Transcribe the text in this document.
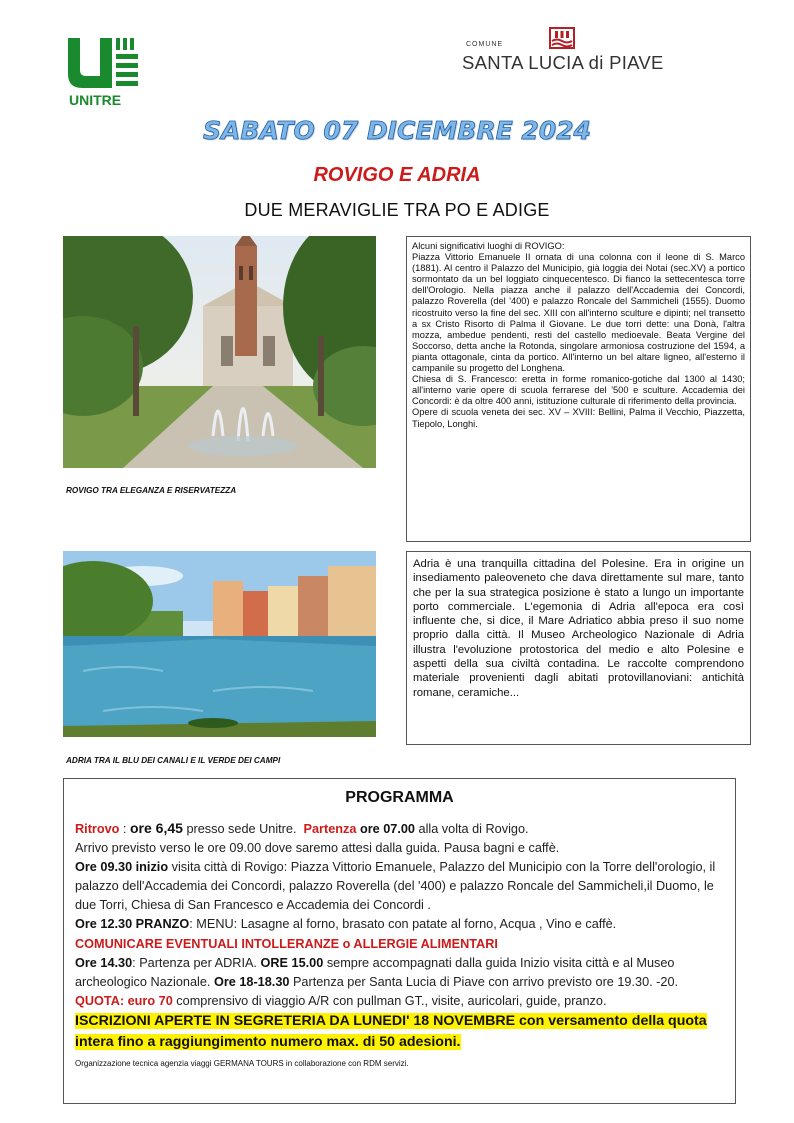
UNITRE
COMUNE
SANTA LUCIA di PIAVE
SABATO 07 DICEMBRE 2024
ROVIGO E ADRIA
DUE MERAVIGLIE TRA PO E ADIGE
ROVIGO TRA ELEGANZA E RISERVATEZZA

Alcuni significativi luoghi di ROVIGO:

Piazza Vittorio Emanuele II ornata di una colonna con il leone di S. Marco (1881). Al centro il Palazzo del Municipio, già loggia dei Notai (sec.XV) a portico sormontato da un bel loggiato cinquecentesco. Di fianco la settecentesca torre dell'Orologio. Nella piazza anche il palazzo dell'Accademia dei Concordi, palazzo Roverella (del '400) e palazzo Roncale del Sammicheli (1555). Duomo ricostruito verso la fine del sec. XIII con all'interno sculture e dipinti; nel transetto a sx Cristo Risorto di Palma il Giovane. Le due torri dette: una Donà, l'altra mozza, ambedue pendenti, resti del castello medioevale. Beata Vergine del Soccorso, detta anche la Rotonda, singolare armoniosa costruzione del 1594, a pianta ottagonale, cinta da portico. All'interno un bel altare ligneo, all'esterno il campanile su progetto del Longhena.

Chiesa di S. Francesco: eretta in forme romanico-gotiche dal 1300 al 1430; all'interno varie opere di scuola ferrarese del '500 e sculture. Accademia dei Concordi: è da oltre 400 anni, istituzione culturale di riferimento della provincia.

Opere di scuola veneta dei sec. XV – XVIII: Bellini, Palma il Vecchio, Piazzetta, Tiepolo, Longhi.

ADRIA TRA IL BLU DEI CANALI E IL VERDE DEI CAMPI
Adria è una tranquilla cittadina del Polesine. Era in origine un insediamento paleoveneto che dava direttamente sul mare, tanto che per la sua strategica posizione è stato a lungo un importante porto commerciale. L'egemonia di Adria all'epoca era così influente che, si dice, il Mare Adriatico abbia preso il suo nome proprio dalla città. Il Museo Archeologico Nazionale di Adria illustra l'evoluzione protostorica del medio e alto Polesine e aspetti della sua civiltà contadina. Le raccolte comprendono materiale provenienti dagli abitati protovillanoviani: antichità romane, ceramiche...
PROGRAMMA
Ritrovo : ore 6,45 presso sede Unitre. Partenza ore 07.00 alla volta di Rovigo.
Arrivo previsto verso le ore 09.00 dove saremo attesi dalla guida. Pausa bagni e caffè.
Ore 09.30 inizio visita città di Rovigo: Piazza Vittorio Emanuele, Palazzo del Municipio con la Torre dell'orologio, il palazzo dell'Accademia dei Concordi, palazzo Roverella (del '400) e palazzo Roncale del Sammicheli,il Duomo, le due Torri, Chiesa di San Francesco e Accademia dei Concordi .
Ore 12.30 PRANZO: MENU: Lasagne al forno, brasato con patate al forno, Acqua , Vino e caffè.
COMUNICARE EVENTUALI INTOLLERANZE o ALLERGIE ALIMENTARI
Ore 14.30: Partenza per ADRIA. ORE 15.00 sempre accompagnati dalla guida Inizio visita città e al Museo archeologico Nazionale. Ore 18-18.30 Partenza per Santa Lucia di Piave con arrivo previsto ore 19.30. -20. QUOTA: euro 70 comprensivo di viaggio A/R con pullman GT., visite, auricolari, guide, pranzo.
ISCRIZIONI APERTE IN SEGRETERIA DA LUNEDI' 18 NOVEMBRE con versamento della quota intera fino a raggiungimento numero max. di 50 adesioni.
Organizzazione tecnica agenzia viaggi GERMANA TOURS in collaborazione con RDM servizi.
